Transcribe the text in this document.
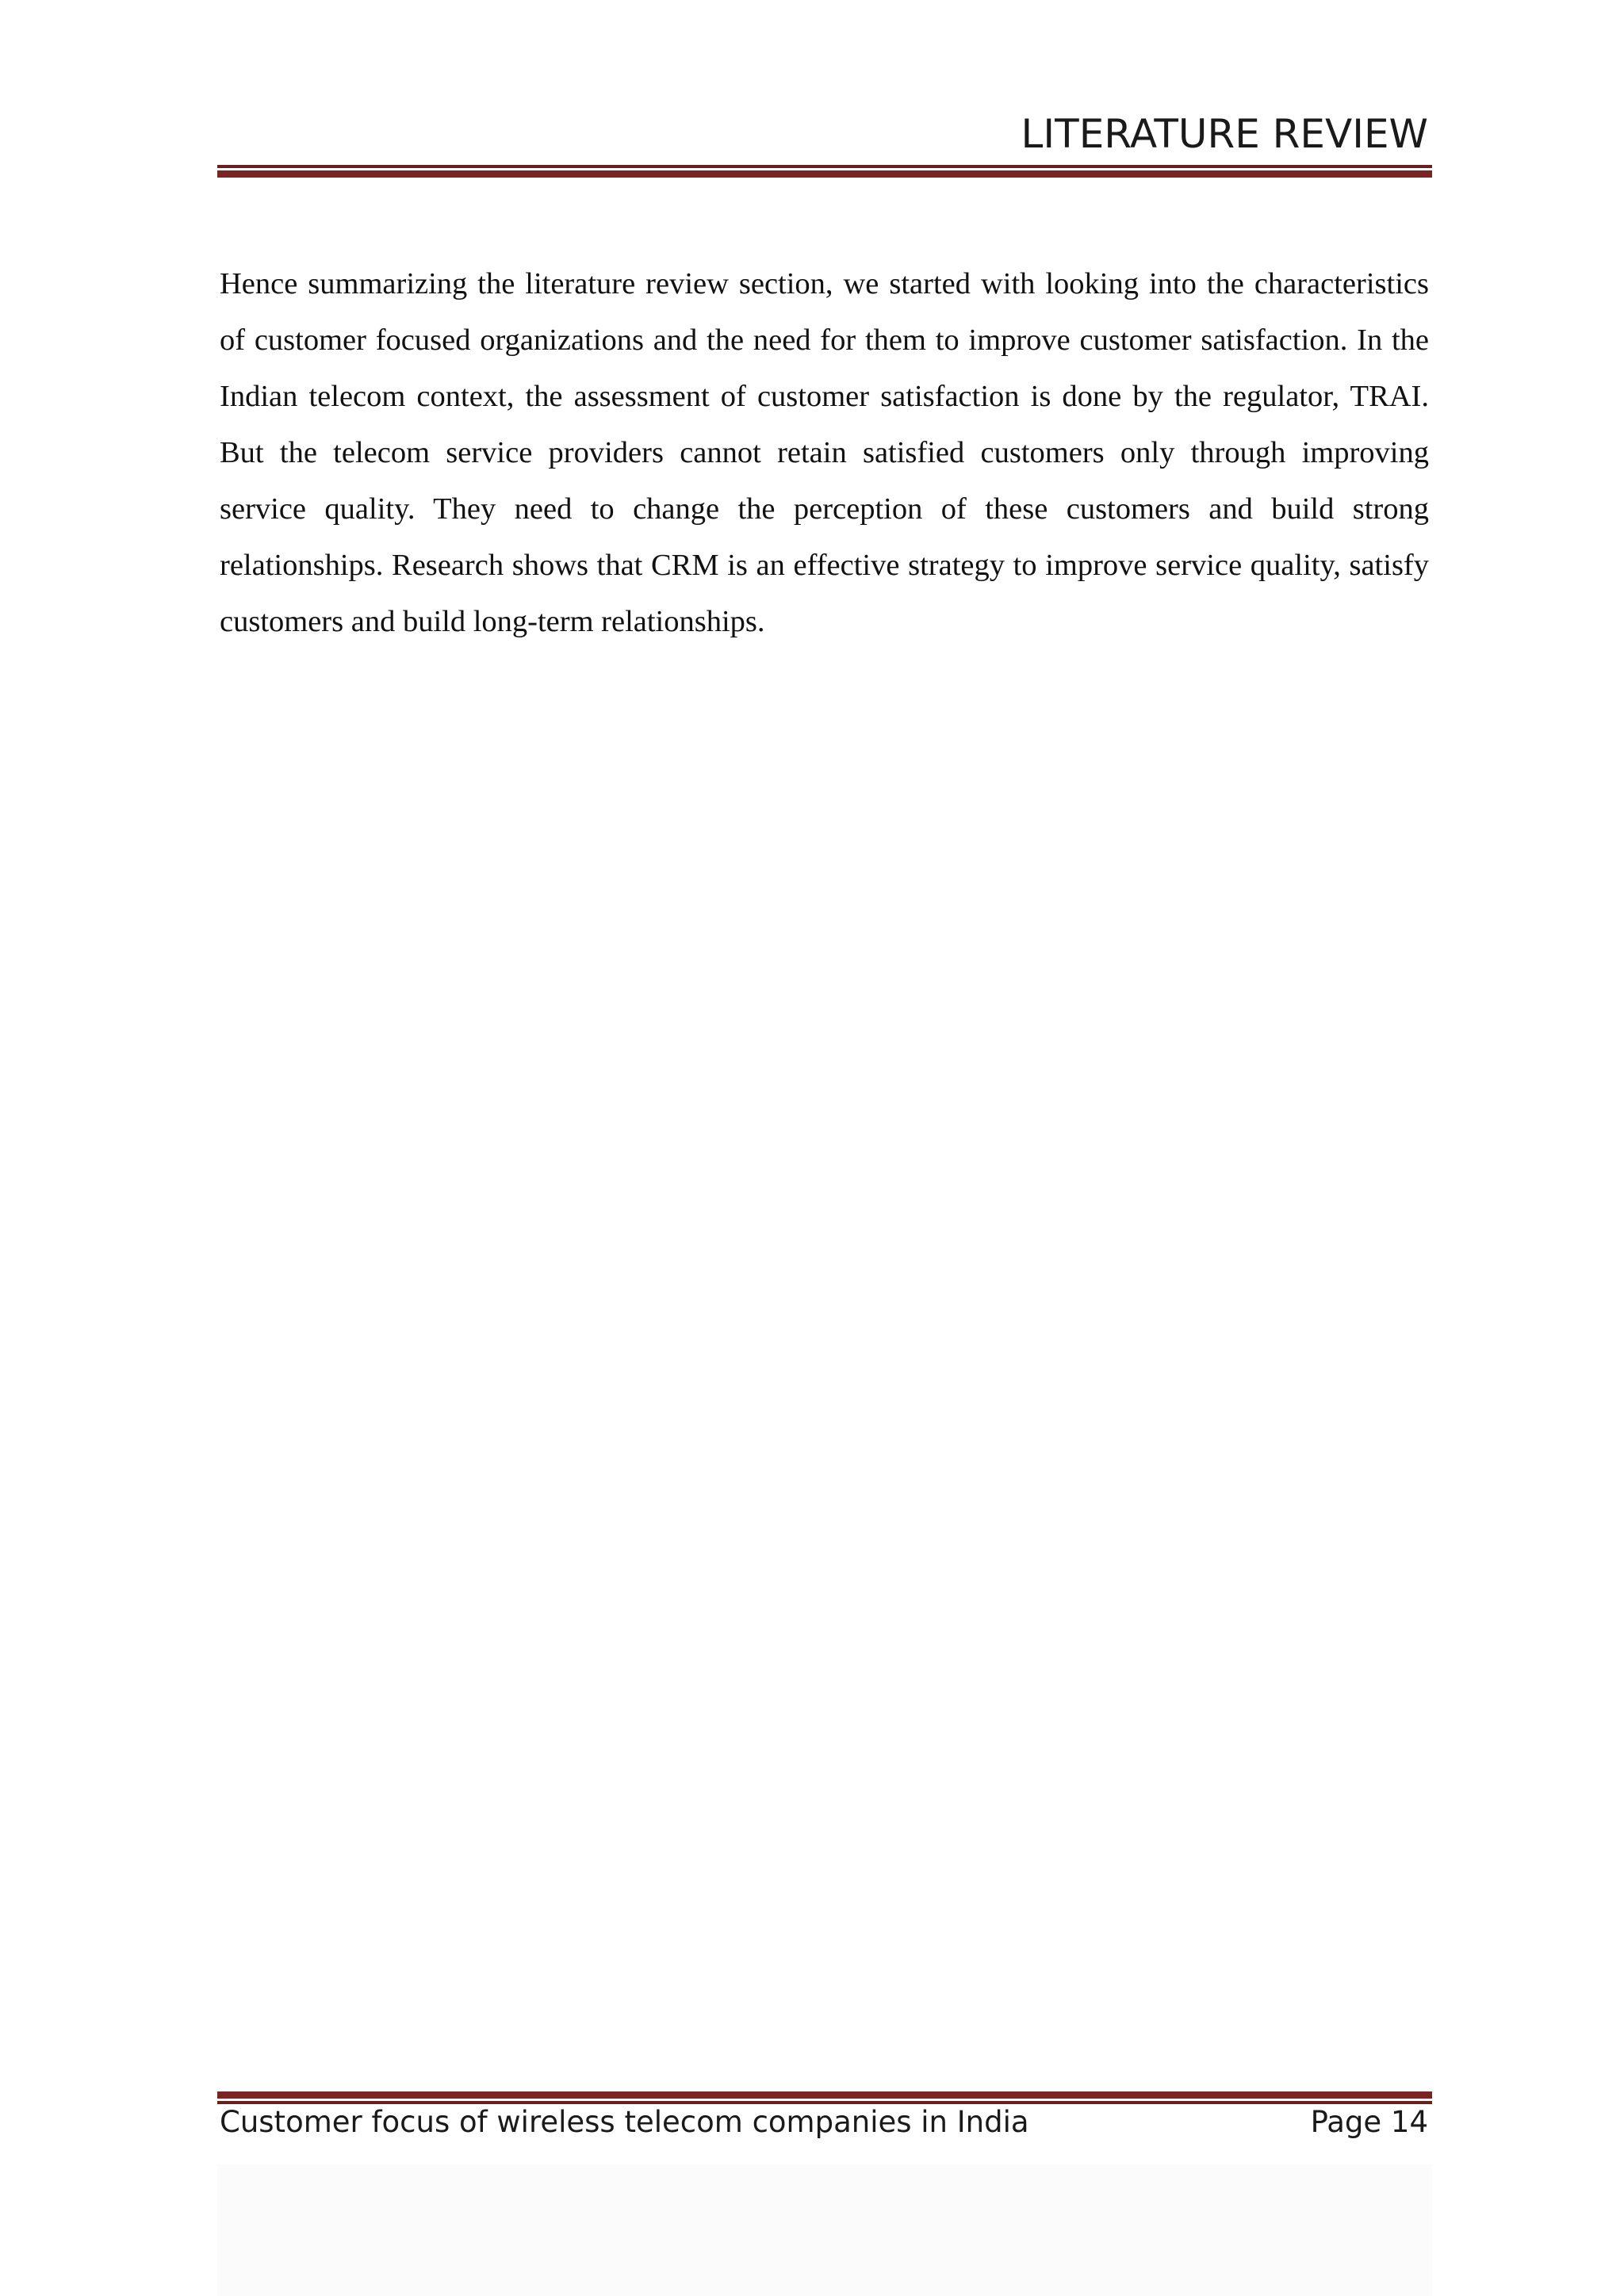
LITERATURE REVIEW

Hence summarizing the literature review section, we started with looking into the characteristics of customer focused organizations and the need for them to improve customer satisfaction. In the Indian telecom context, the assessment of customer satisfaction is done by the regulator, TRAI. But the telecom service providers cannot retain satisfied customers only through improving service quality. They need to change the perception of these customers and build strong relationships. Research shows that CRM is an effective strategy to improve service quality, satisfy customers and build long-term relationships.

Customer focus of wireless telecom companies in India	Page 14
